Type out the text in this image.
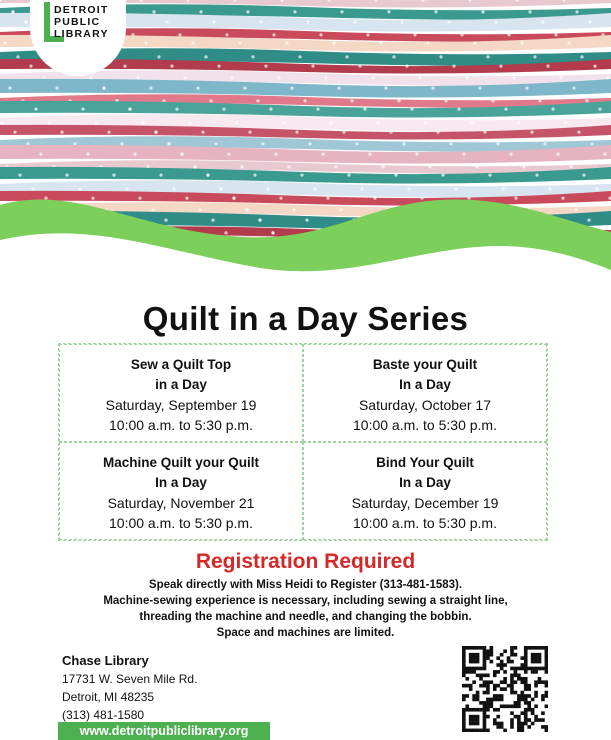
DETROIT
PUBLIC
LIBRARY
Quilt in a Day Series
Sew a Quilt Top
in a Day
Saturday, September 19
10:00 a.m. to 5:30 p.m.
Baste your Quilt
In a Day
Saturday, October 17
10:00 a.m. to 5:30 p.m.
Machine Quilt your Quilt
In a Day
Saturday, November 21
10:00 a.m. to 5:30 p.m.
Bind Your Quilt
In a Day
Saturday, December 19
10:00 a.m. to 5:30 p.m.
Registration Required
Speak directly with Miss Heidi to Register (313-481-1583).
Machine-sewing experience is necessary, including sewing a straight line,
threading the machine and needle, and changing the bobbin.
Space and machines are limited.
Chase Library
17731 W. Seven Mile Rd.
Detroit, MI 48235
(313) 481-1580
www.detroitpubliclibrary.org
